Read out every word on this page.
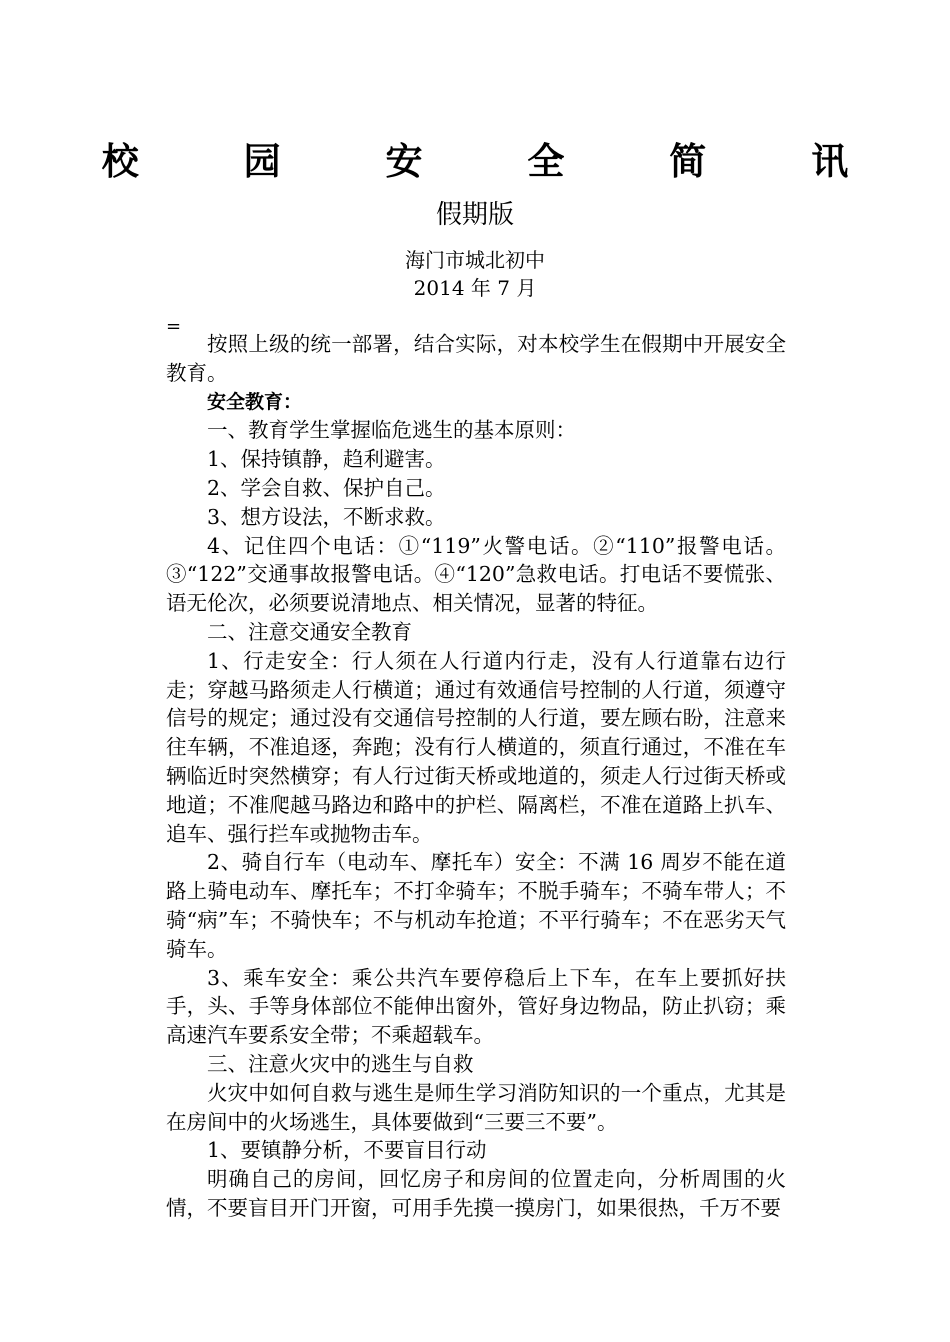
校 园 安 全 简 讯
假期版
海门市城北初中
2014 年 7 月
=

按照上级的统一部署，结合实际，对本校学生在假期中开展安全教育。

安全教育：

一、教育学生掌握临危逃生的基本原则：

1、保持镇静，趋利避害。

2、学会自救、保护自己。

3、想方设法，不断求救。

4、记住四个电话：①“119”火警电话。②“110”报警电话。③“122”交通事故报警电话。④“120”急救电话。打电话不要慌张、语无伦次，必须要说清地点、相关情况，显著的特征。

二、注意交通安全教育

1、行走安全：行人须在人行道内行走，没有人行道靠右边行走；穿越马路须走人行横道；通过有效通信号控制的人行道，须遵守信号的规定；通过没有交通信号控制的人行道，要左顾右盼，注意来往车辆，不准追逐，奔跑；没有行人横道的，须直行通过，不准在车辆临近时突然横穿；有人行过街天桥或地道的，须走人行过街天桥或地道；不准爬越马路边和路中的护栏、隔离栏，不准在道路上扒车、追车、强行拦车或抛物击车。

2、骑自行车（电动车、摩托车）安全：不满 16 周岁不能在道路上骑电动车、摩托车；不打伞骑车；不脱手骑车；不骑车带人；不骑“病”车；不骑快车；不与机动车抢道；不平行骑车；不在恶劣天气骑车。

3、乘车安全：乘公共汽车要停稳后上下车，在车上要抓好扶手，头、手等身体部位不能伸出窗外，管好身边物品，防止扒窃；乘高速汽车要系安全带；不乘超载车。

三、注意火灾中的逃生与自救

火灾中如何自救与逃生是师生学习消防知识的一个重点，尤其是在房间中的火场逃生，具体要做到“三要三不要”。

1、要镇静分析，不要盲目行动

明确自己的房间，回忆房子和房间的位置走向，分析周围的火情，不要盲目开门开窗，可用手先摸一摸房门，如果很热，千万不要
